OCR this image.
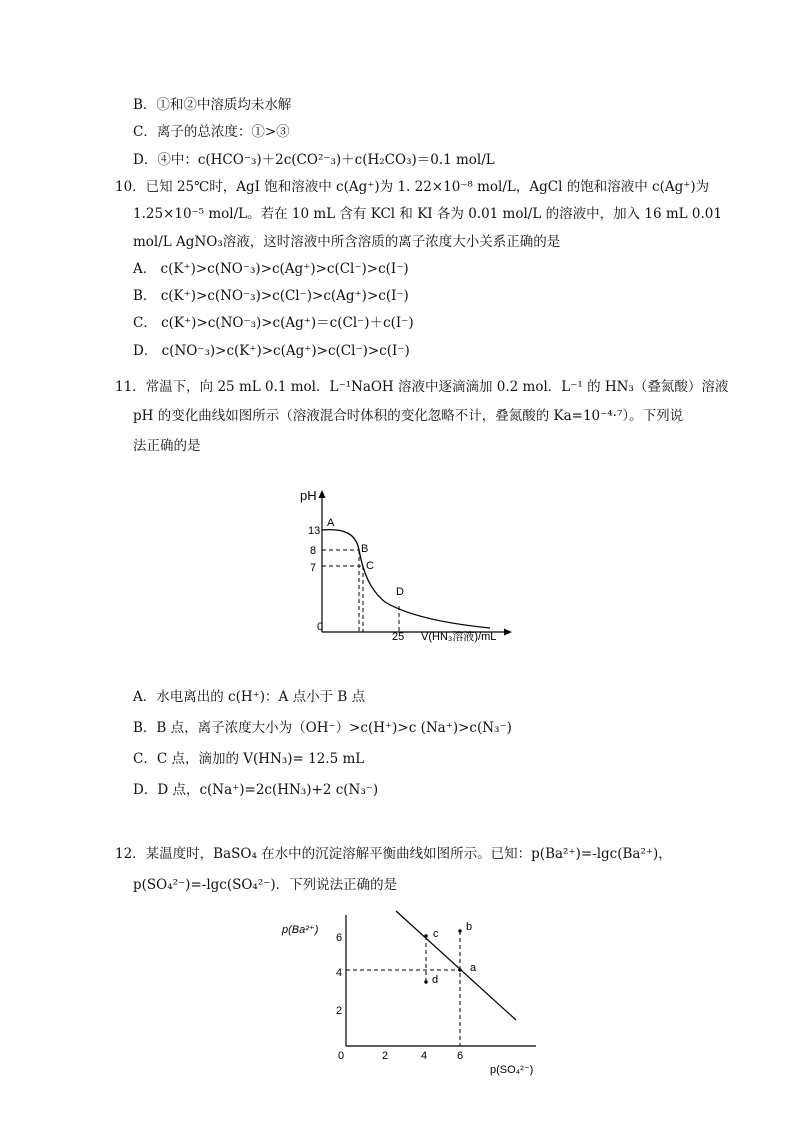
B．①和②中溶质均未水解
C．离子的总浓度：①>③
D．④中：c(HCO⁻₃)＋2c(CO²⁻₃)＋c(H₂CO₃)＝0.1 mol/L
10．已知 25℃时，AgI 饱和溶液中 c(Ag⁺)为 1. 22×10⁻⁸ mol/L，AgCl 的饱和溶液中 c(Ag⁺)为
1.25×10⁻⁵ mol/L。若在 10 mL 含有 KCl 和 KI 各为 0.01 mol/L 的溶液中，加入 16 mL 0.01
mol/L AgNO₃溶液，这时溶液中所含溶质的离子浓度大小关系正确的是
A． c(K⁺)>c(NO⁻₃)>c(Ag⁺)>c(Cl⁻)>c(I⁻)
B． c(K⁺)>c(NO⁻₃)>c(Cl⁻)>c(Ag⁺)>c(I⁻)
C． c(K⁺)>c(NO⁻₃)>c(Ag⁺)＝c(Cl⁻)＋c(I⁻)
D． c(NO⁻₃)>c(K⁺)>c(Ag⁺)>c(Cl⁻)>c(I⁻)
11．常温下，向 25 mL 0.1 mol．L⁻¹NaOH 溶液中逐滴滴加 0.2 mol．L⁻¹ 的 HN₃（叠氮酸）溶液
pH 的变化曲线如图所示（溶液混合时体积的变化忽略不计，叠氮酸的 Ka=10⁻⁴·⁷）。下列说
法正确的是
pH
13
8
7
0
25 V(HN₃溶液)/mL
A
B
C
D
A．水电离出的 c(H⁺)：A 点小于 B 点
B．B 点，离子浓度大小为（OH⁻）>c(H⁺)>c (Na⁺)>c(N₃⁻)
C．C 点，滴加的 V(HN₃)= 12.5 mL
D．D 点，c(Na⁺)=2c(HN₃)+2 c(N₃⁻)
12．某温度时，BaSO₄ 在水中的沉淀溶解平衡曲线如图所示。已知：p(Ba²⁺)=-lgc(Ba²⁺)，
p(SO₄²⁻)=-lgc(SO₄²⁻)．下列说法正确的是
p(Ba²⁺)
6
4
2
0	2	4	6
p(SO₄²⁻)
a
b
c
d
